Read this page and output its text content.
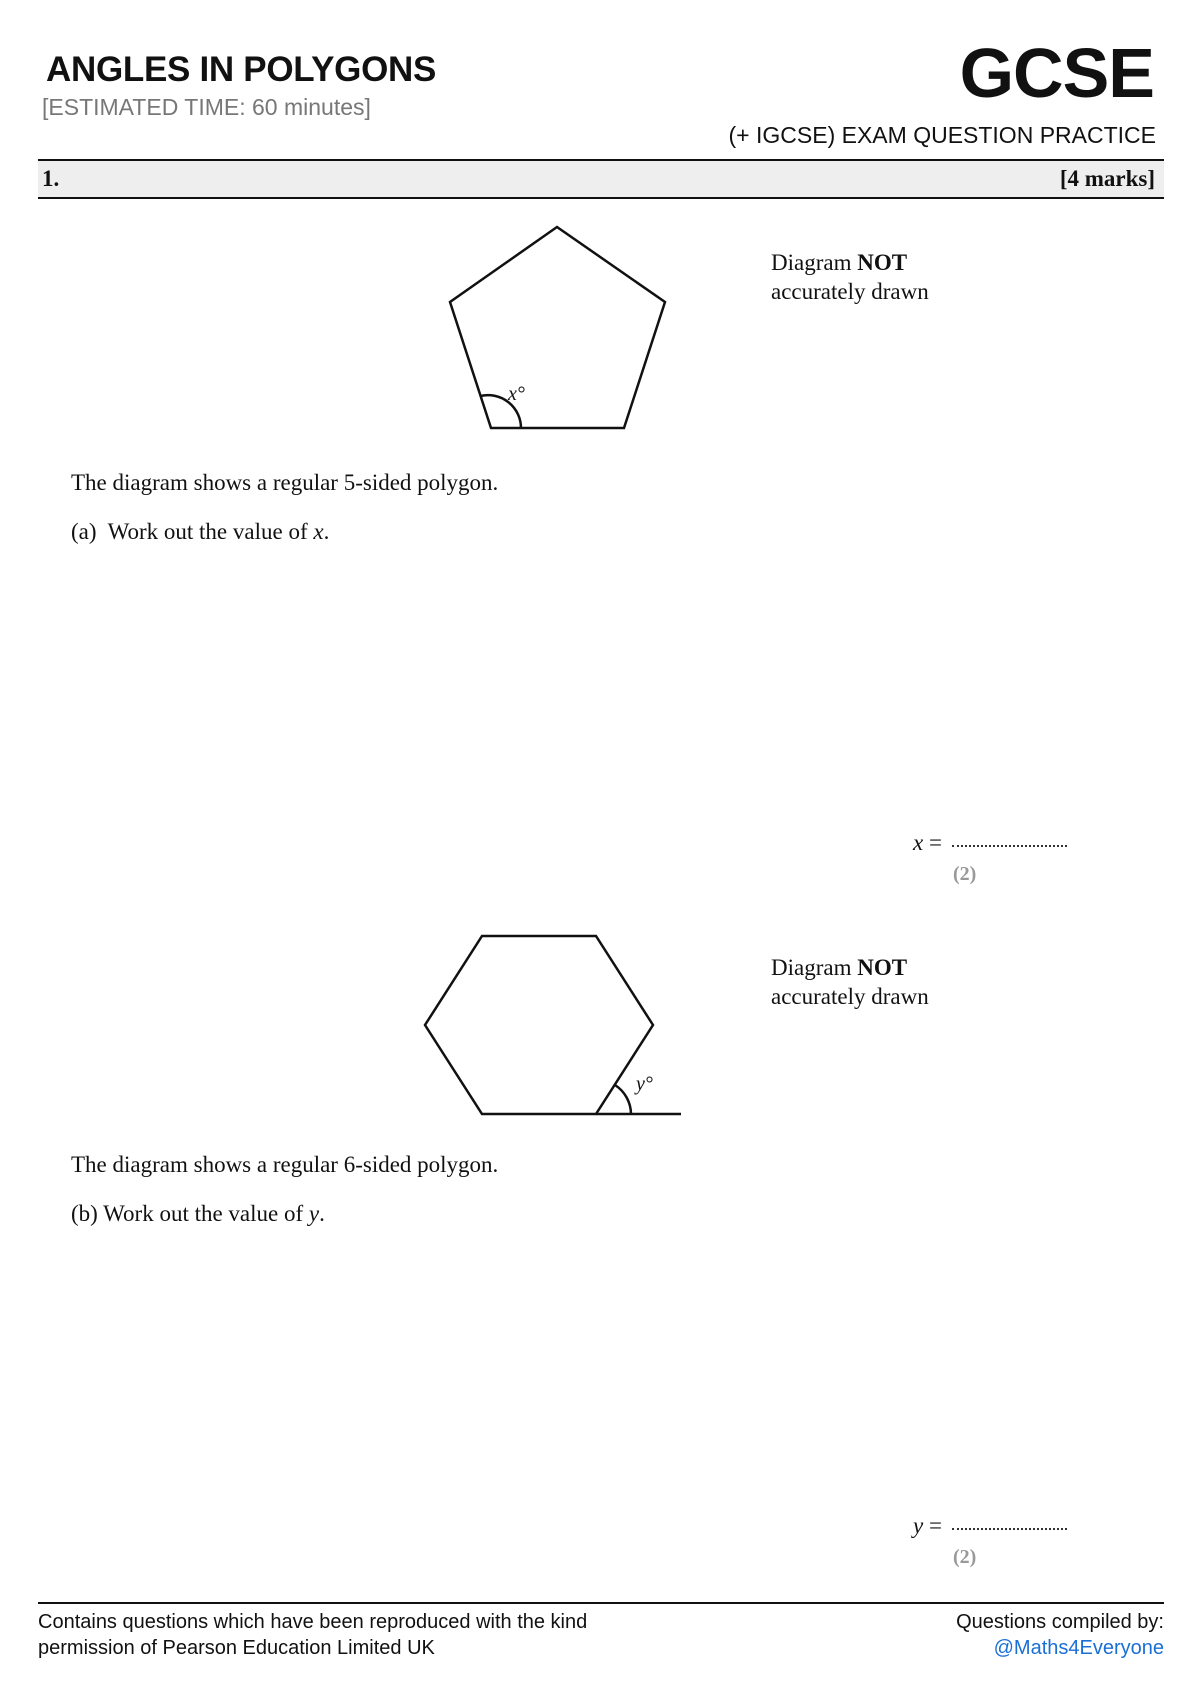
ANGLES IN POLYGONS
[ESTIMATED TIME: 60 minutes]	GCSE
(+ IGCSE) EXAM QUESTION PRACTICE
1.	[4 marks]
x°
Diagram NOT
accurately drawn
The diagram shows a regular 5-sided polygon.
(a) Work out the value of x.
x =
(2)
y°
Diagram NOT
accurately drawn
The diagram shows a regular 6-sided polygon.
(b) Work out the value of y.
y =
(2)
Contains questions which have been reproduced with the kind
permission of Pearson Education Limited UK
Questions compiled by:
@Maths4Everyone
